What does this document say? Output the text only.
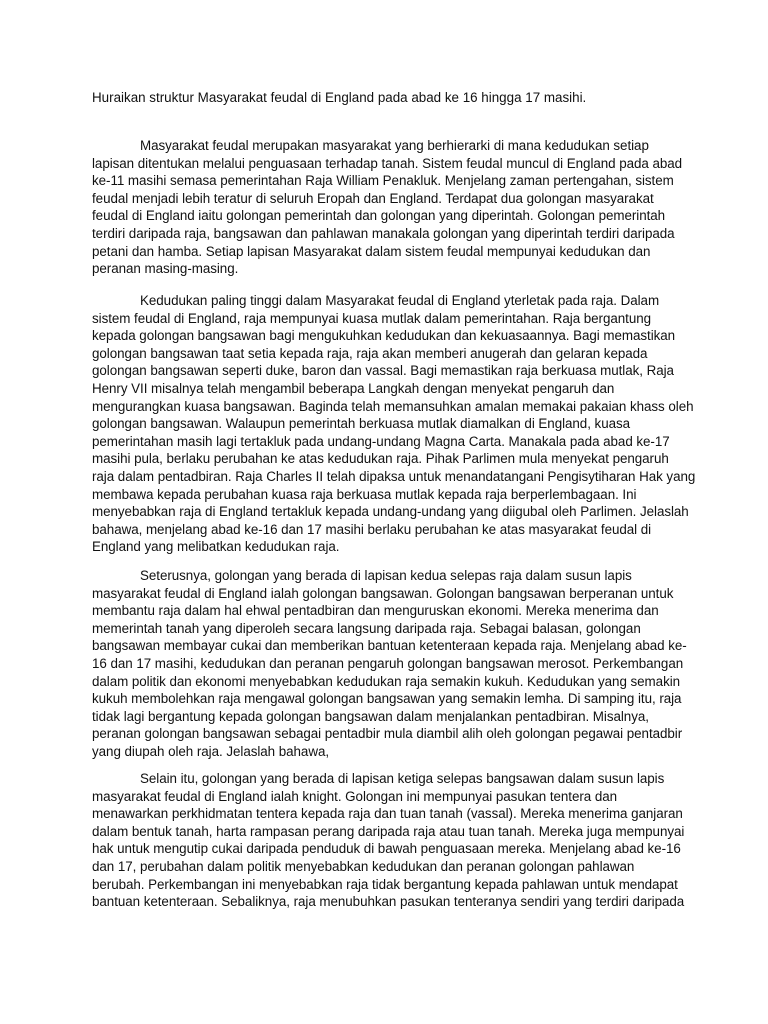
Huraikan struktur Masyarakat feudal di England pada abad ke 16 hingga 17 masihi.

Masyarakat feudal merupakan masyarakat yang berhierarki di mana kedudukan setiap
lapisan ditentukan melalui penguasaan terhadap tanah. Sistem feudal muncul di England pada abad
ke-11 masihi semasa pemerintahan Raja William Penakluk. Menjelang zaman pertengahan, sistem
feudal menjadi lebih teratur di seluruh Eropah dan England. Terdapat dua golongan masyarakat
feudal di England iaitu golongan pemerintah dan golongan yang diperintah. Golongan pemerintah
terdiri daripada raja, bangsawan dan pahlawan manakala golongan yang diperintah terdiri daripada
petani dan hamba. Setiap lapisan Masyarakat dalam sistem feudal mempunyai kedudukan dan
peranan masing-masing.
Kedudukan paling tinggi dalam Masyarakat feudal di England yterletak pada raja. Dalam
sistem feudal di England, raja mempunyai kuasa mutlak dalam pemerintahan. Raja bergantung
kepada golongan bangsawan bagi mengukuhkan kedudukan dan kekuasaannya. Bagi memastikan
golongan bangsawan taat setia kepada raja, raja akan memberi anugerah dan gelaran kepada
golongan bangsawan seperti duke, baron dan vassal. Bagi memastikan raja berkuasa mutlak, Raja
Henry VII misalnya telah mengambil beberapa Langkah dengan menyekat pengaruh dan
mengurangkan kuasa bangsawan. Baginda telah memansuhkan amalan memakai pakaian khass oleh
golongan bangsawan. Walaupun pemerintah berkuasa mutlak diamalkan di England, kuasa
pemerintahan masih lagi tertakluk pada undang-undang Magna Carta. Manakala pada abad ke-17
masihi pula, berlaku perubahan ke atas kedudukan raja. Pihak Parlimen mula menyekat pengaruh
raja dalam pentadbiran. Raja Charles II telah dipaksa untuk menandatangani Pengisytiharan Hak yang
membawa kepada perubahan kuasa raja berkuasa mutlak kepada raja berperlembagaan. Ini
menyebabkan raja di England tertakluk kepada undang-undang yang diigubal oleh Parlimen. Jelaslah
bahawa, menjelang abad ke-16 dan 17 masihi berlaku perubahan ke atas masyarakat feudal di
England yang melibatkan kedudukan raja.
Seterusnya, golongan yang berada di lapisan kedua selepas raja dalam susun lapis
masyarakat feudal di England ialah golongan bangsawan. Golongan bangsawan berperanan untuk
membantu raja dalam hal ehwal pentadbiran dan menguruskan ekonomi. Mereka menerima dan
memerintah tanah yang diperoleh secara langsung daripada raja. Sebagai balasan, golongan
bangsawan membayar cukai dan memberikan bantuan ketenteraan kepada raja. Menjelang abad ke-
16 dan 17 masihi, kedudukan dan peranan pengaruh golongan bangsawan merosot. Perkembangan
dalam politik dan ekonomi menyebabkan kedudukan raja semakin kukuh. Kedudukan yang semakin
kukuh membolehkan raja mengawal golongan bangsawan yang semakin lemha. Di samping itu, raja
tidak lagi bergantung kepada golongan bangsawan dalam menjalankan pentadbiran. Misalnya,
peranan golongan bangsawan sebagai pentadbir mula diambil alih oleh golongan pegawai pentadbir
yang diupah oleh raja. Jelaslah bahawa,
Selain itu, golongan yang berada di lapisan ketiga selepas bangsawan dalam susun lapis
masyarakat feudal di England ialah knight. Golongan ini mempunyai pasukan tentera dan
menawarkan perkhidmatan tentera kepada raja dan tuan tanah (vassal). Mereka menerima ganjaran
dalam bentuk tanah, harta rampasan perang daripada raja atau tuan tanah. Mereka juga mempunyai
hak untuk mengutip cukai daripada penduduk di bawah penguasaan mereka. Menjelang abad ke-16
dan 17, perubahan dalam politik menyebabkan kedudukan dan peranan golongan pahlawan
berubah. Perkembangan ini menyebabkan raja tidak bergantung kepada pahlawan untuk mendapat
bantuan ketenteraan. Sebaliknya, raja menubuhkan pasukan tenteranya sendiri yang terdiri daripada
